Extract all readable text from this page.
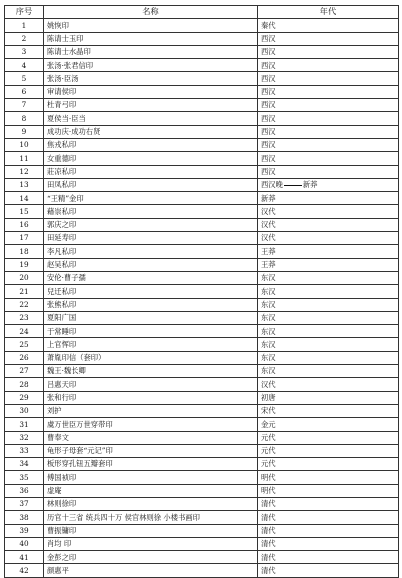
序号	名称	年代
1	姚恢印	秦代
2	陈请士玉印	西汉
3	陈请士水晶印	西汉
4	张汤·张君信印	西汉
5	张汤·臣汤	西汉
6	审请侯印	西汉
7	杜青弓印	西汉
8	夏侯当·臣当	西汉
9	成功庆·成功右贤	西汉
10	焦戎私印	西汉
11	女重德印	西汉
12	莊凉私印	西汉
13	田凤私印	西汉晚 新莽
14	“王精”金印	新莽
15	藉崇私印	汉代
16	郭庆之印	汉代
17	田延寿印	汉代
18	李凡私印	王莽
19	赵吴私印	王莽
20	安伦·曹子孺	东汉
21	兒迁私印	东汉
22	张熊私印	东汉
23	夏阳广国	东汉
24	于常睡印	东汉
25	上官恽印	东汉
26	萧胤印信（套印）	东汉
27	魏王·魏长卿	东汉
28	吕惠天印	汉代
29	张和行印	初唐
30	刘护	宋代
31	虞万世臣万世穿带印	金元
32	曹奉文	元代
33	龟形子母套“元记”印	元代
34	板形穿孔钮五瓣套印	元代
35	傅国祯印	明代
36	虚庵	明代
37	林则徐印	清代
38	历官十三省 统兵四十万 侯官林则徐 小楼书画印	清代
39	曹振镛印	清代
40	肖均 印	清代
41	金彭之印	清代
42	颜惠平	清代
